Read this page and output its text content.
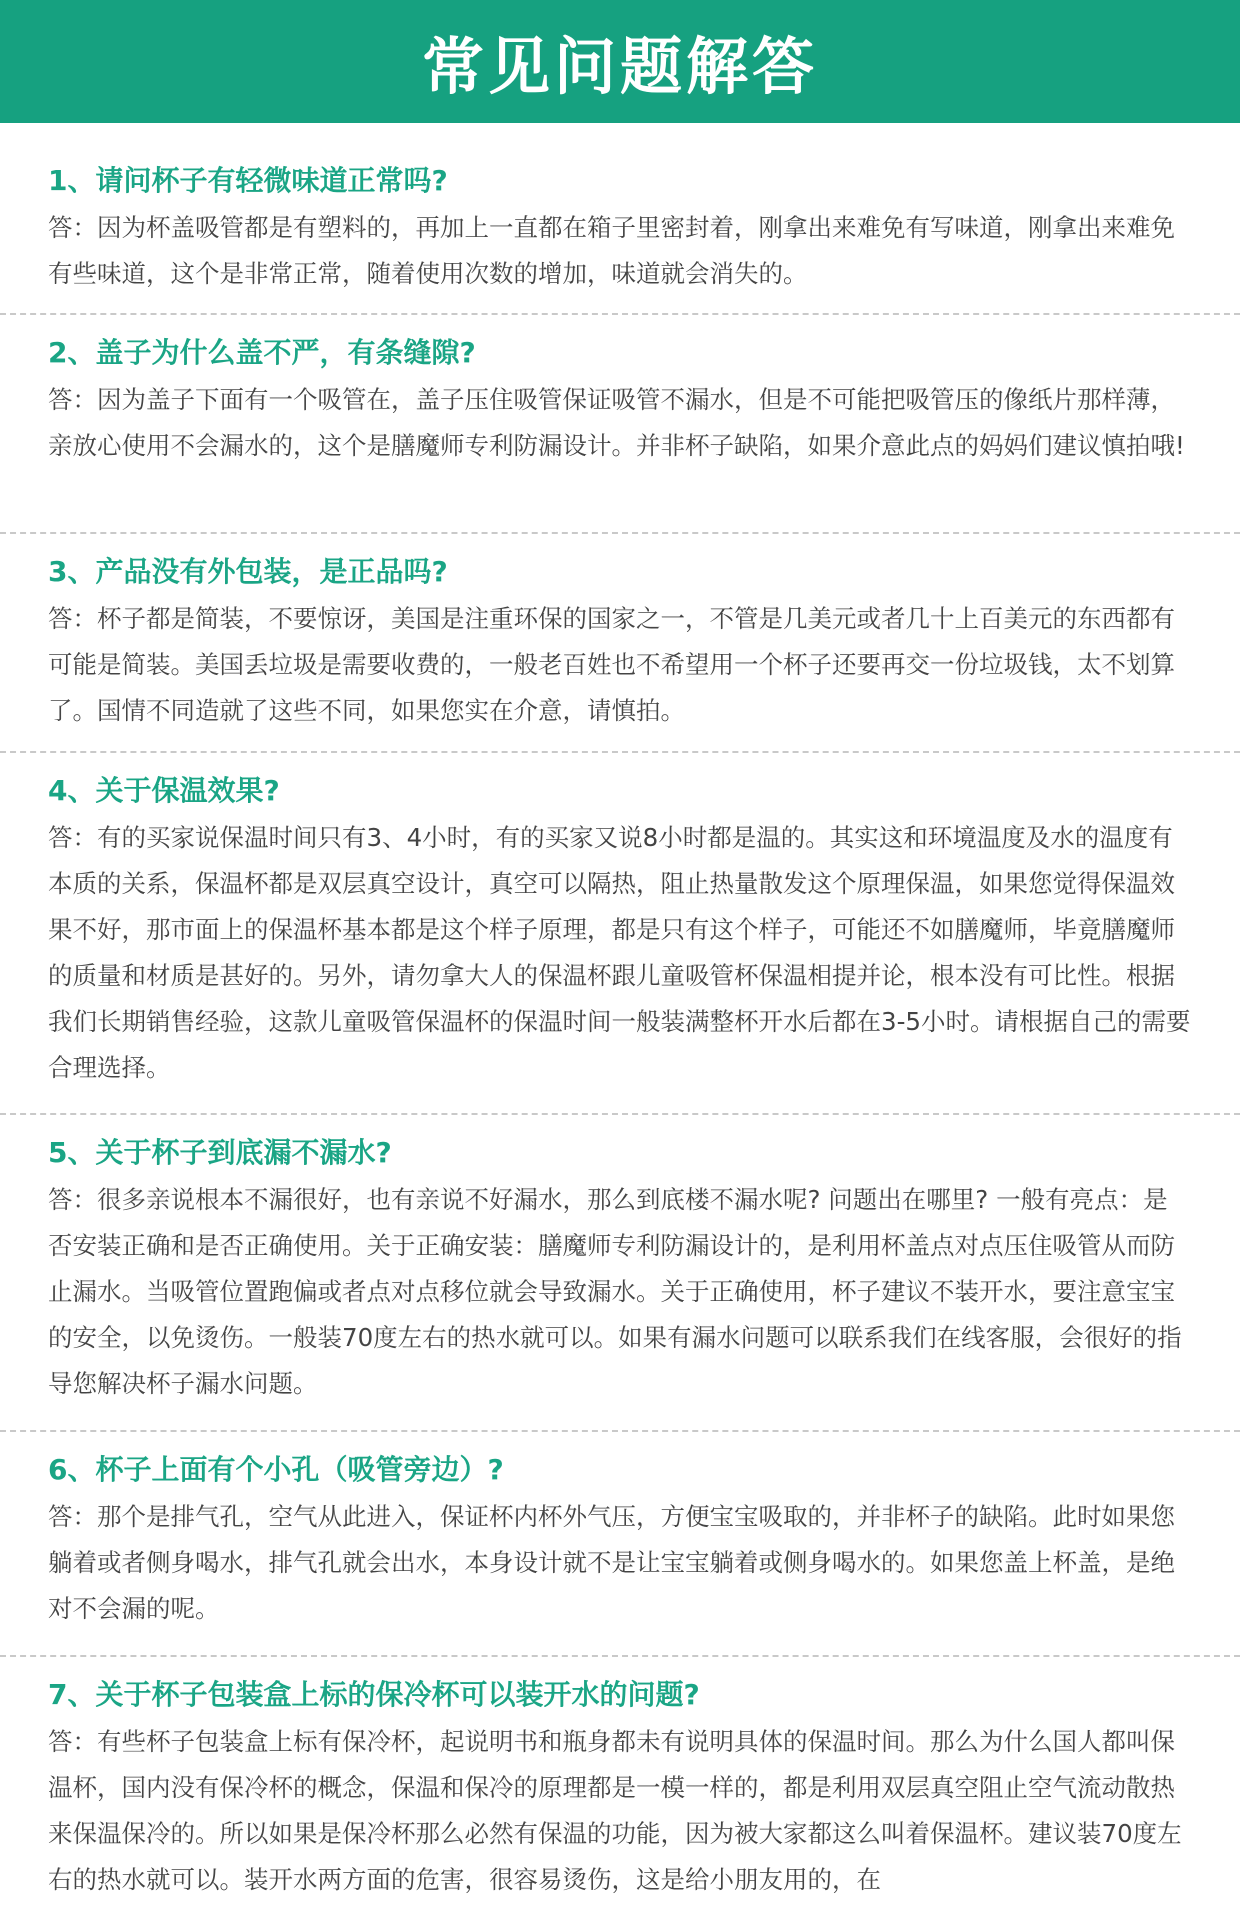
常见问题解答
1、请问杯子有轻微味道正常吗?
答：因为杯盖吸管都是有塑料的，再加上一直都在箱子里密封着，刚拿出来难免有写味道，刚拿出来难免有些味道，这个是非常正常，随着使用次数的增加，味道就会消失的。
2、盖子为什么盖不严，有条缝隙?
答：因为盖子下面有一个吸管在，盖子压住吸管保证吸管不漏水，但是不可能把吸管压的像纸片那样薄，亲放心使用不会漏水的，这个是膳魔师专利防漏设计。并非杯子缺陷，如果介意此点的妈妈们建议慎拍哦!
3、产品没有外包装，是正品吗?
答：杯子都是简装，不要惊讶，美国是注重环保的国家之一，不管是几美元或者几十上百美元的东西都有可能是简装。美国丢垃圾是需要收费的，一般老百姓也不希望用一个杯子还要再交一份垃圾钱，太不划算了。国情不同造就了这些不同，如果您实在介意，请慎拍。
4、关于保温效果?
答：有的买家说保温时间只有3、4小时，有的买家又说8小时都是温的。其实这和环境温度及水的温度有本质的关系，保温杯都是双层真空设计，真空可以隔热，阻止热量散发这个原理保温，如果您觉得保温效果不好，那市面上的保温杯基本都是这个样子原理，都是只有这个样子，可能还不如膳魔师，毕竟膳魔师的质量和材质是甚好的。另外，请勿拿大人的保温杯跟儿童吸管杯保温相提并论，根本没有可比性。根据我们长期销售经验，这款儿童吸管保温杯的保温时间一般装满整杯开水后都在3-5小时。请根据自己的需要合理选择。
5、关于杯子到底漏不漏水?
答：很多亲说根本不漏很好，也有亲说不好漏水，那么到底楼不漏水呢? 问题出在哪里? 一般有亮点：是否安装正确和是否正确使用。关于正确安装：膳魔师专利防漏设计的，是利用杯盖点对点压住吸管从而防止漏水。当吸管位置跑偏或者点对点移位就会导致漏水。关于正确使用，杯子建议不装开水，要注意宝宝的安全，以免烫伤。一般装70度左右的热水就可以。如果有漏水问题可以联系我们在线客服，会很好的指导您解决杯子漏水问题。
6、杯子上面有个小孔（吸管旁边）?
答：那个是排气孔，空气从此进入，保证杯内杯外气压，方便宝宝吸取的，并非杯子的缺陷。此时如果您躺着或者侧身喝水，排气孔就会出水，本身设计就不是让宝宝躺着或侧身喝水的。如果您盖上杯盖，是绝对不会漏的呢。
7、关于杯子包装盒上标的保冷杯可以装开水的问题?
答：有些杯子包装盒上标有保冷杯，起说明书和瓶身都未有说明具体的保温时间。那么为什么国人都叫保温杯，国内没有保冷杯的概念，保温和保冷的原理都是一模一样的，都是利用双层真空阻止空气流动散热来保温保冷的。所以如果是保冷杯那么必然有保温的功能，因为被大家都这么叫着保温杯。建议装70度左右的热水就可以。装开水两方面的危害，很容易烫伤，这是给小朋友用的，在
